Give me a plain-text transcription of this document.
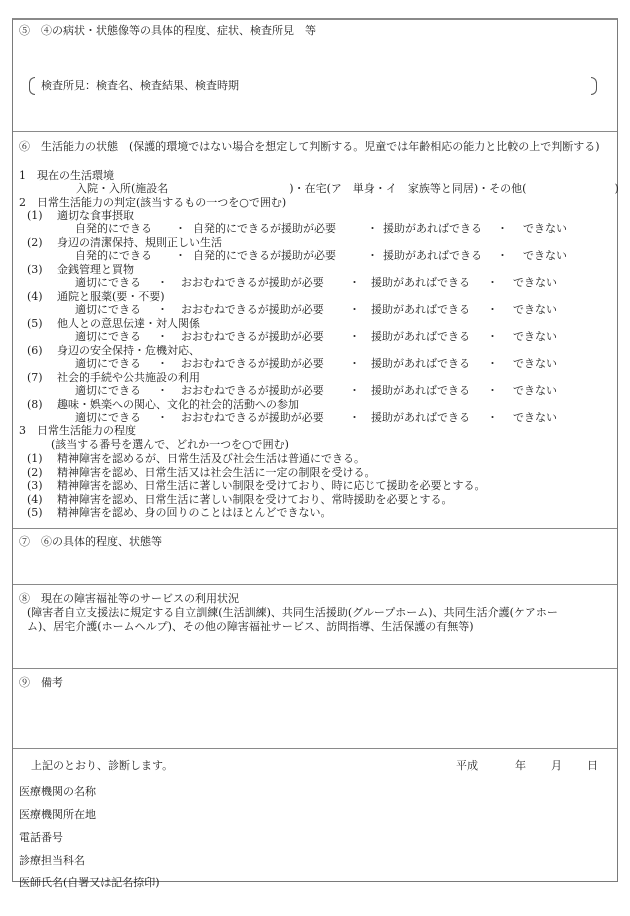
⑤　④の病状・状態像等の具体的程度、症状、検査所見　等
検査所見：検査名、検査結果、検査時期
⑥　生活能力の状態　(保護的環境ではない場合を想定して判断する。児童では年齢相応の能力と比較の上で判断する)
1　現在の生活環境
入院・入所(施設名　　　　　　　　　　　)・在宅(ア　単身・イ　家族等と同居)・その他(　　　　　　　　)
2　日常生活能力の判定(該当するもの一つを○で囲む)
(1) 適切な食事摂取
自発的にできる	自発的にできるが援助が必要	援助があればできる	できない
・	・	・
(2) 身辺の清潔保持、規則正しい生活
自発的にできる	自発的にできるが援助が必要	援助があればできる	できない
・	・	・
(3) 金銭管理と買物
適切にできる	おおむねできるが援助が必要	援助があればできる	できない
・	・	・
(4) 通院と服薬(要・不要)
適切にできる	おおむねできるが援助が必要	援助があればできる	できない
・	・	・
(5) 他人との意思伝達・対人関係
適切にできる	おおむねできるが援助が必要	援助があればできる	できない
・	・	・
(6) 身辺の安全保持・危機対応、
適切にできる	おおむねできるが援助が必要	援助があればできる	できない
・	・	・
(7) 社会的手続や公共施設の利用
適切にできる	おおむねできるが援助が必要	援助があればできる	できない
・	・	・
(8) 趣味・娯楽への関心、文化的社会的活動への参加
適切にできる	おおむねできるが援助が必要	援助があればできる	できない
・	・	・
3　日常生活能力の程度
(該当する番号を選んで、どれか一つを○で囲む)
(1) 精神障害を認めるが、日常生活及び社会生活は普通にできる。
(2) 精神障害を認め、日常生活又は社会生活に一定の制限を受ける。
(3) 精神障害を認め、日常生活に著しい制限を受けており、時に応じて援助を必要とする。
(4) 精神障害を認め、日常生活に著しい制限を受けており、常時援助を必要とする。
(5) 精神障害を認め、身の回りのことはほとんどできない。
⑦　⑥の具体的程度、状態等
⑧　現在の障害福祉等のサービスの利用状況
(障害者自立支援法に規定する自立訓練(生活訓練)、共同生活援助(グループホーム)、共同生活介護(ケアホー
ム)、居宅介護(ホームヘルプ)、その他の障害福祉サービス、訪問指導、生活保護の有無等)
⑨　備考
上記のとおり、診断します。	平成	年 月 日
医療機関の名称
医療機関所在地
電話番号
診療担当科名
医師氏名(自署又は記名捺印)
